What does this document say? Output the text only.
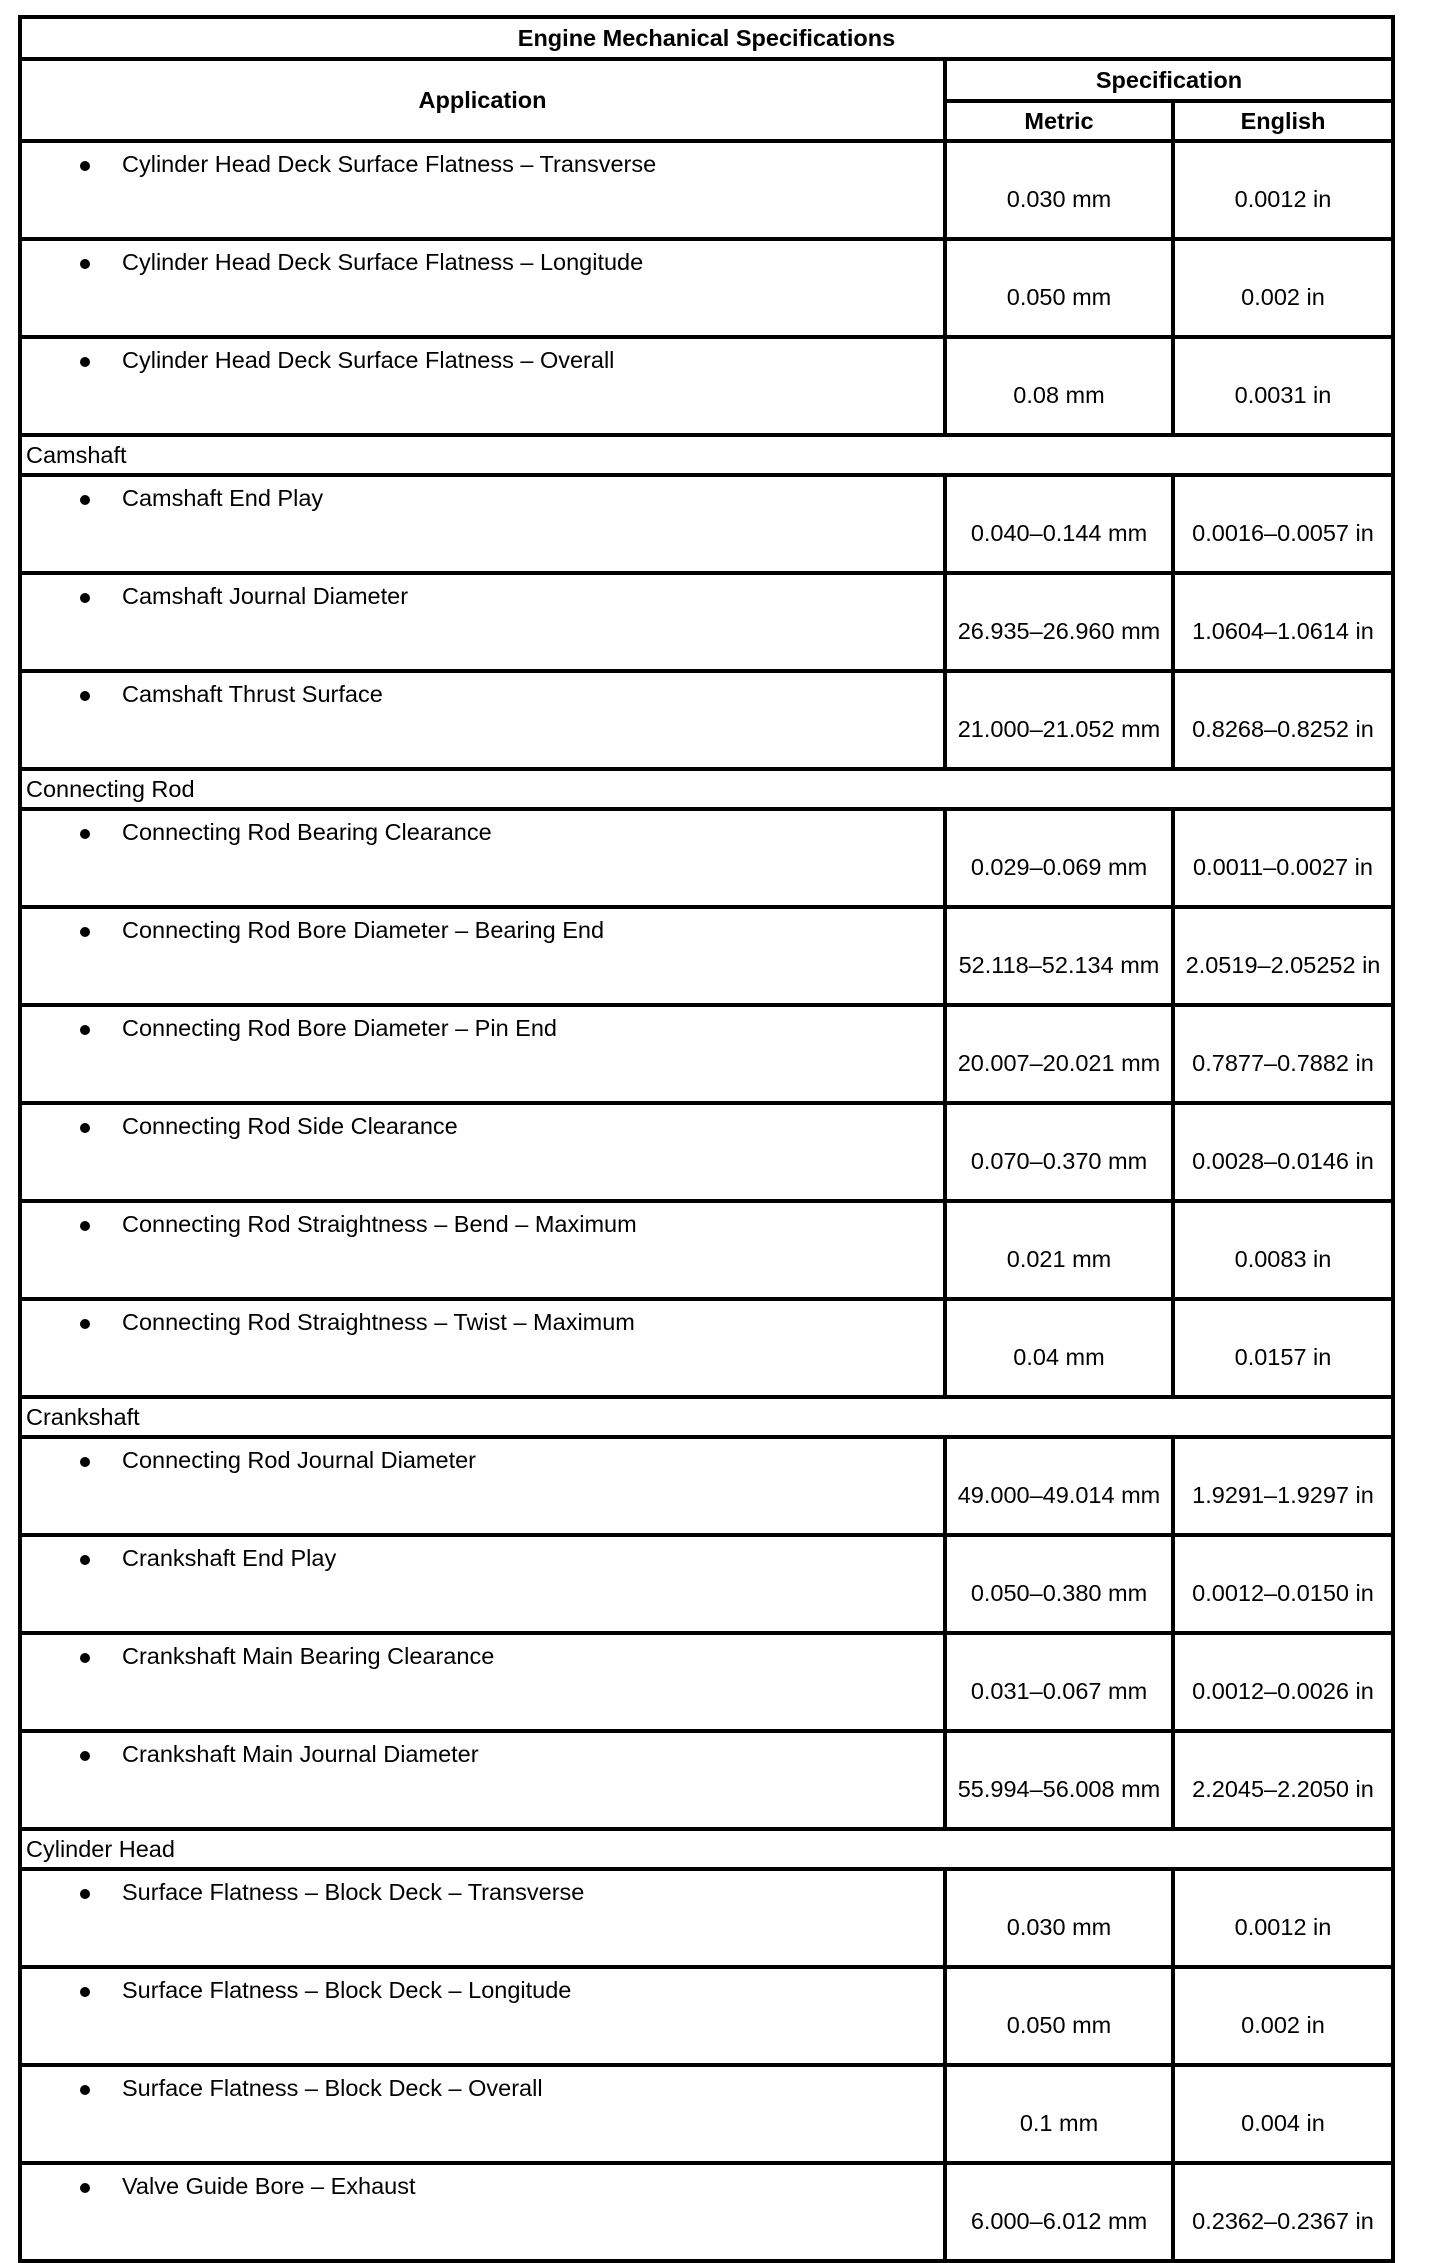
Engine Mechanical Specifications		
Application	Specification	
	Metric	English

Cylinder Head Deck Surface Flatness – Transverse	0.030 mm	0.0012 in

Cylinder Head Deck Surface Flatness – Longitude	0.050 mm	0.002 in

Cylinder Head Deck Surface Flatness – Overall	0.08 mm	0.0031 in
Camshaft		

Camshaft End Play	0.040–0.144 mm	0.0016–0.0057 in

Camshaft Journal Diameter	26.935–26.960 mm	1.0604–1.0614 in

Camshaft Thrust Surface	21.000–21.052 mm	0.8268–0.8252 in
Connecting Rod		

Connecting Rod Bearing Clearance	0.029–0.069 mm	0.0011–0.0027 in

Connecting Rod Bore Diameter – Bearing End	52.118–52.134 mm	2.0519–2.05252 in

Connecting Rod Bore Diameter – Pin End	20.007–20.021 mm	0.7877–0.7882 in

Connecting Rod Side Clearance	0.070–0.370 mm	0.0028–0.0146 in

Connecting Rod Straightness – Bend – Maximum	0.021 mm	0.0083 in

Connecting Rod Straightness – Twist – Maximum	0.04 mm	0.0157 in
Crankshaft		

Connecting Rod Journal Diameter	49.000–49.014 mm	1.9291–1.9297 in

Crankshaft End Play	0.050–0.380 mm	0.0012–0.0150 in

Crankshaft Main Bearing Clearance	0.031–0.067 mm	0.0012–0.0026 in

Crankshaft Main Journal Diameter	55.994–56.008 mm	2.2045–2.2050 in
Cylinder Head		

Surface Flatness – Block Deck – Transverse	0.030 mm	0.0012 in

Surface Flatness – Block Deck – Longitude	0.050 mm	0.002 in

Surface Flatness – Block Deck – Overall	0.1 mm	0.004 in

Valve Guide Bore – Exhaust	6.000–6.012 mm	0.2362–0.2367 in
